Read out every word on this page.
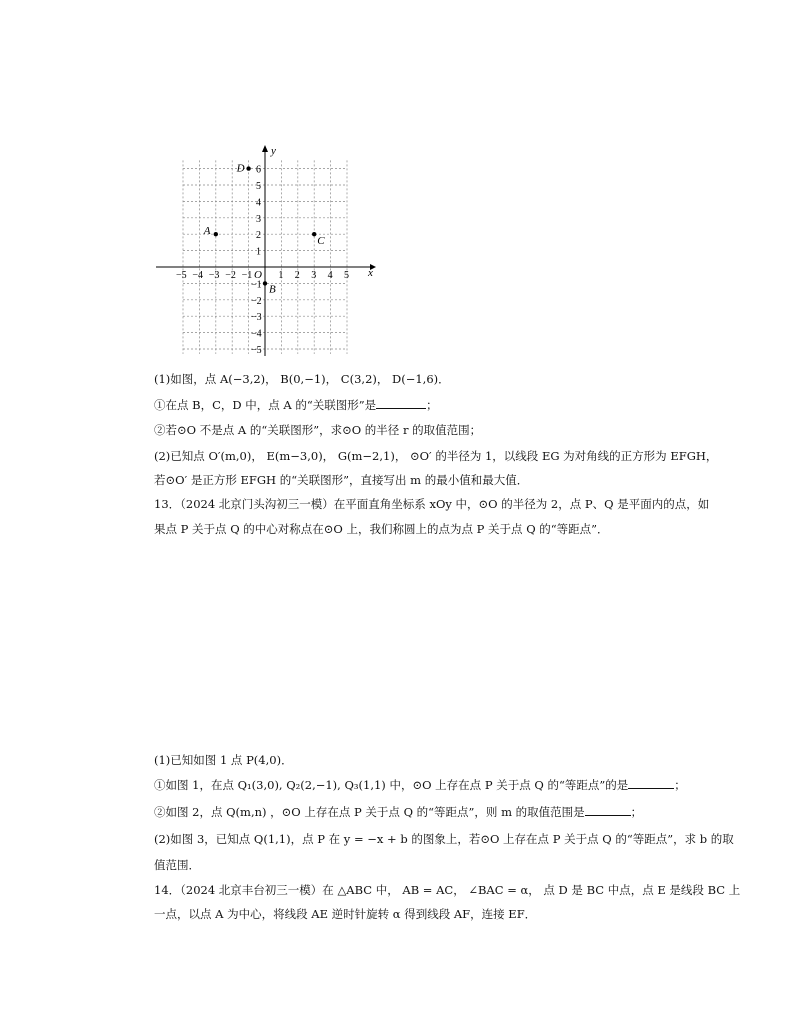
x
y
O
−5 −4 −3 −2 −1	1 2 3 4 5
6
5
4
3
2
1
−1
−2
−3
−4
−5
A
B
C
D
(1)如图，点 A(−3,2)， B(0,−1)， C(3,2)， D(−1,6)．
①在点 B，C，D 中，点 A 的“关联图形”是	；
②若⊙O 不是点 A 的“关联图形”，求⊙O 的半径 r 的取值范围；
(2)已知点 O′(m,0)， E(m−3,0)， G(m−2,1)， ⊙O′ 的半径为 1，以线段 EG 为对角线的正方形为 EFGH，
若⊙O′ 是正方形 EFGH 的“关联图形”，直接写出 m 的最小值和最大值．
13．（2024 北京门头沟初三一模）在平面直角坐标系 xOy 中，⊙O 的半径为 2，点 P、Q 是平面内的点，如
果点 P 关于点 Q 的中心对称点在⊙O 上，我们称圆上的点为点 P 关于点 Q 的“等距点”．
(1)已知如图 1 点 P(4,0)．
①如图 1，在点 Q₁(3,0), Q₂(2,−1), Q₃(1,1) 中，⊙O 上存在点 P 关于点 Q 的“等距点”的是	；
②如图 2，点 Q(m,n) ，⊙O 上存在点 P 关于点 Q 的“等距点”，则 m 的取值范围是	；
(2)如图 3，已知点 Q(1,1)，点 P 在 y = −x + b 的图象上，若⊙O 上存在点 P 关于点 Q 的“等距点”，求 b 的取
值范围．
14．（2024 北京丰台初三一模）在 △ABC 中， AB = AC， ∠BAC = α， 点 D 是 BC 中点，点 E 是线段 BC 上
一点，以点 A 为中心，将线段 AE 逆时针旋转 α 得到线段 AF，连接 EF．
